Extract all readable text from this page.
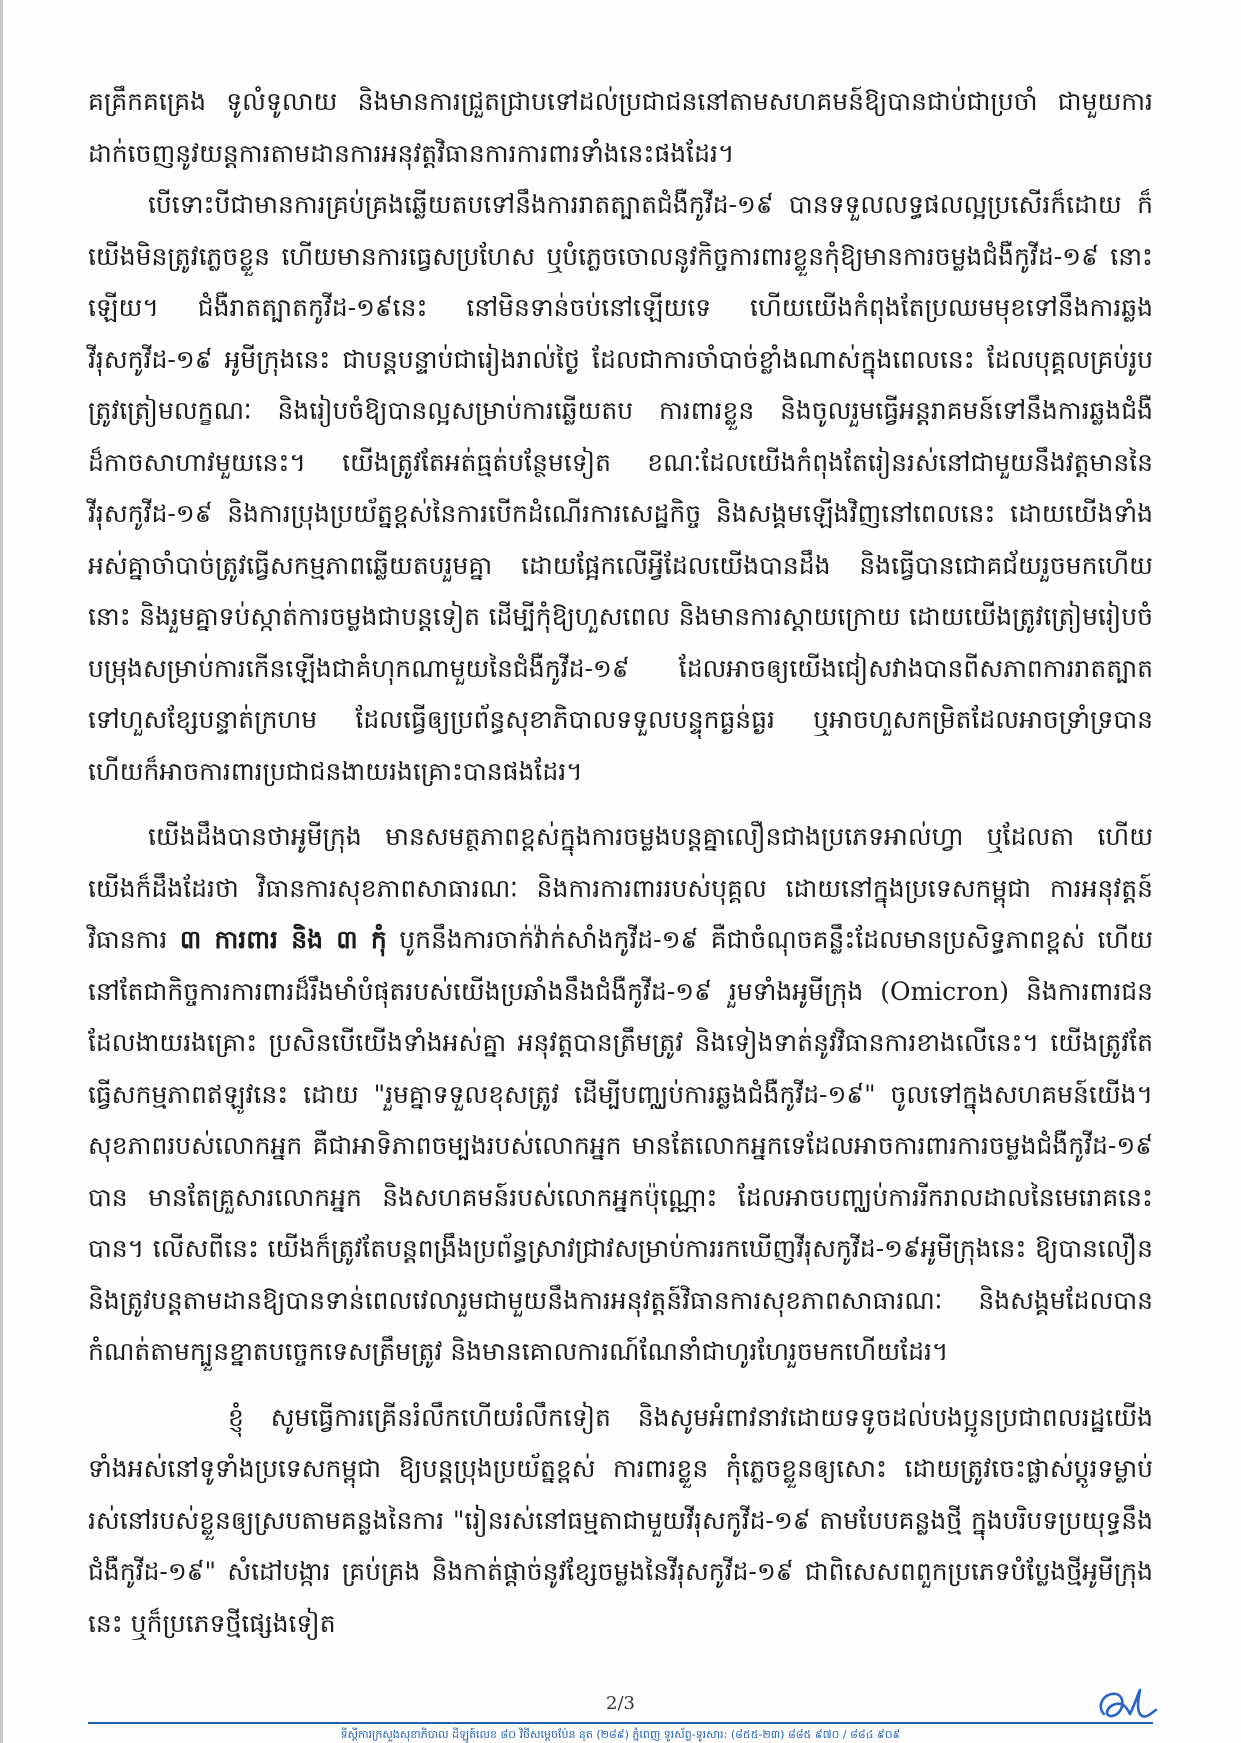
គគ្រឹកគគ្រេង ទូលំទូលាយ និងមានការជ្រួតជ្រាបទៅដល់ប្រជាជននៅតាមសហគមន៍ឱ្យបានជាប់ជាប្រចាំ ជាមួយការដាក់ចេញនូវយន្តការតាមដានការអនុវត្តវិធានការការពារទាំងនេះផងដែរ។

បើទោះបីជាមានការគ្រប់គ្រងឆ្លើយតបទៅនឹងការរាតត្បាតជំងឺកូវីដ-១៩ បានទទួលលទ្ធផលល្អប្រសើរក៏ដោយ ក៏យើងមិនត្រូវភ្លេចខ្លួន ហើយមានការធ្វេសប្រហែស ឬបំភ្លេចចោលនូវកិច្ចការពារខ្លួនកុំឱ្យមានការចម្លងជំងឺកូវីដ-១៩ នោះឡើយ។ ជំងឺរាតត្បាតកូវីដ-១៩នេះ នៅមិនទាន់ចប់នៅឡើយទេ ហើយយើងកំពុងតែប្រឈមមុខទៅនឹងការឆ្លងវីរុសកូវីដ-១៩ អូមីក្រុងនេះ ជាបន្តបន្ទាប់ជារៀងរាល់ថ្ងៃ ដែលជាការចាំបាច់ខ្លាំងណាស់ក្នុងពេលនេះ ដែលបុគ្គលគ្រប់រូបត្រូវត្រៀមលក្ខណៈ និងរៀបចំឱ្យបានល្អសម្រាប់ការឆ្លើយតប ការពារខ្លួន និងចូលរួមធ្វើអន្តរាគមន៍ទៅនឹងការឆ្លងជំងឺដ៏កាចសាហាវមួយនេះ។ យើងត្រូវតែអត់ធ្មត់បន្ថែមទៀត ខណៈដែលយើងកំពុងតែរៀនរស់នៅជាមួយនឹងវត្តមាននៃវីរុសកូវីដ-១៩ និងការប្រុងប្រយ័ត្នខ្ពស់នៃការបើកដំណើរការសេដ្ឋកិច្ច និងសង្គមឡើងវិញនៅពេលនេះ ដោយយើងទាំងអស់គ្នាចាំបាច់ត្រូវធ្វើសកម្មភាពឆ្លើយតបរួមគ្នា ដោយផ្អែកលើអ្វីដែលយើងបានដឹង និងធ្វើបានជោគជ័យរួចមកហើយនោះ និងរួមគ្នាទប់ស្កាត់ការចម្លងជាបន្តទៀត ដើម្បីកុំឱ្យហួសពេល និងមានការស្តាយក្រោយ ដោយយើងត្រូវត្រៀមរៀបចំបម្រុងសម្រាប់ការកើនឡើងជាគំហុកណាមួយនៃជំងឺកូវីដ-១៩ ដែលអាចឲ្យយើងជៀសវាងបានពីសភាពការរាតត្បាតទៅហួសខ្សែបន្ទាត់ក្រហម ដែលធ្វើឲ្យប្រព័ន្ធសុខាភិបាលទទួលបន្ទុកធ្ងន់ធ្ងរ ឬអាចហួសកម្រិតដែលអាចទ្រាំទ្របាន ហើយក៏អាចការពារប្រជាជនងាយរងគ្រោះបានផងដែរ។

យើងដឹងបានថាអូមីក្រុង មានសមត្ថភាពខ្ពស់ក្នុងការចម្លងបន្តគ្នាលឿនជាងប្រភេទអាល់ហ្វា ឬដែលតា ហើយយើងក៏ដឹងដែរថា វិធានការសុខភាពសាធារណៈ និងការការពាររបស់បុគ្គល ដោយនៅក្នុងប្រទេសកម្ពុជា ការអនុវត្តន៍វិធានការ ៣ ការពារ និង ៣ កុំ បូកនឹងការចាក់វ៉ាក់សាំងកូវីដ-១៩ គឺជាចំណុចគន្លឹះដែលមានប្រសិទ្ធភាពខ្ពស់ ហើយនៅតែជាកិច្ចការការពារដ៏រឹងមាំបំផុតរបស់យើងប្រឆាំងនឹងជំងឺកូវីដ-១៩ រួមទាំងអូមីក្រុង (Omicron) និងការពារជនដែលងាយរងគ្រោះ ប្រសិនបើយើងទាំងអស់គ្នា អនុវត្តបានត្រឹមត្រូវ និងទៀងទាត់នូវវិធានការខាងលើនេះ។ យើងត្រូវតែធ្វើសកម្មភាពឥឡូវនេះ ដោយ "រួមគ្នាទទួលខុសត្រូវ ដើម្បីបញ្ឈប់ការឆ្លងជំងឺកូវីដ-១៩" ចូលទៅក្នុងសហគមន៍យើង។ សុខភាពរបស់លោកអ្នក គឺជាអាទិភាពចម្បងរបស់លោកអ្នក មានតែលោកអ្នកទេដែលអាចការពារការចម្លងជំងឺកូវីដ-១៩ បាន មានតែគ្រួសារលោកអ្នក និងសហគមន៍របស់លោកអ្នកប៉ុណ្ណោះ ដែលអាចបញ្ឈប់ការរីករាលដាលនៃមេរោគនេះបាន។ លើសពីនេះ យើងក៏ត្រូវតែបន្តពង្រឹងប្រព័ន្ធស្រាវជ្រាវសម្រាប់ការរកឃើញវីរុសកូវីដ-១៩អូមីក្រុងនេះ ឱ្យបានលឿន និងត្រូវបន្តតាមដានឱ្យបានទាន់ពេលវេលារួមជាមួយនឹងការអនុវត្តន៍វិធានការសុខភាពសាធារណៈ និងសង្គមដែលបានកំណត់តាមក្បួនខ្នាតបច្ចេកទេសត្រឹមត្រូវ និងមានគោលការណ៍ណែនាំជាហូរហែរួចមកហើយដែរ។

ខ្ញុំ សូមធ្វើការគ្រើនរំលឹកហើយរំលឹកទៀត និងសូមអំពាវនាវដោយទទូចដល់បងប្អូនប្រជាពលរដ្ឋយើងទាំងអស់នៅទូទាំងប្រទេសកម្ពុជា ឱ្យបន្តប្រុងប្រយ័ត្នខ្ពស់ ការពារខ្លួន កុំភ្លេចខ្លួនឲ្យសោះ ដោយត្រូវចេះផ្លាស់ប្តូរទម្លាប់រស់នៅរបស់ខ្លួនឲ្យស្របតាមគន្លងនៃការ "រៀនរស់នៅធម្មតាជាមួយវីរុសកូវីដ-១៩ តាមបែបគន្លងថ្មី ក្នុងបរិបទប្រយុទ្ធនឹងជំងឺកូវីដ-១៩" សំដៅបង្ការ គ្រប់គ្រង និងកាត់ផ្តាច់នូវខ្សែចម្លងនៃវីរុសកូវីដ-១៩ ជាពិសេសពពួកប្រភេទបំប្លែងថ្មីអូមីក្រុងនេះ ឬក៏ប្រភេទថ្មីផ្សេងទៀត

2/3
ទីស្តីការក្រសួងសុខាភិបាល ដីឡូត៍លេខ ៨០ វិថីសម្តេចប៉ែន នុត (២៨៩) ភ្នំពេញ ទូរស័ព្ទ-ទូរសារ: (៨៥៥-២៣) ៨៨៥ ៩៧០ / ៨៨៤ ៩០៩
